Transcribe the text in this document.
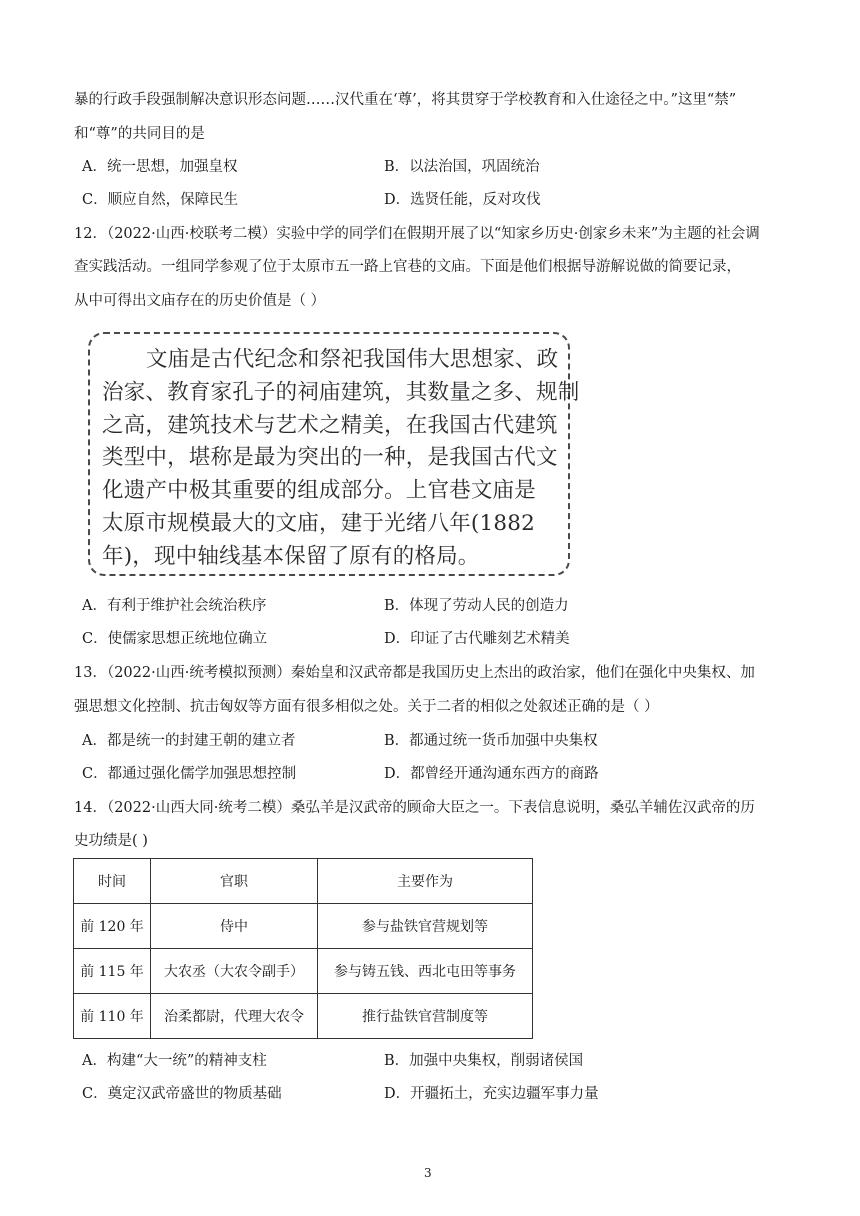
暴的行政手段强制解决意识形态问题……汉代重在‘尊’，将其贯穿于学校教育和入仕途径之中。”这里“禁”
和“尊”的共同目的是
A．统一思想，加强皇权	B．以法治国，巩固统治
C．顺应自然，保障民生	D．选贤任能，反对攻伐
12．（2022·山西·校联考二模）实验中学的同学们在假期开展了以“知家乡历史·创家乡未来”为主题的社会调
查实践活动。一组同学参观了位于太原市五一路上官巷的文庙。下面是他们根据导游解说做的简要记录，
从中可得出文庙存在的历史价值是（ ）
文庙是古代纪念和祭祀我国伟大思想家、政
治家、教育家孔子的祠庙建筑，其数量之多、规制
之高，建筑技术与艺术之精美，在我国古代建筑
类型中，堪称是最为突出的一种，是我国古代文
化遗产中极其重要的组成部分。上官巷文庙是
太原市规模最大的文庙，建于光绪八年(1882
年)，现中轴线基本保留了原有的格局。
A．有利于维护社会统治秩序	B．体现了劳动人民的创造力
C．使儒家思想正统地位确立	D．印证了古代雕刻艺术精美
13．（2022·山西·统考模拟预测）秦始皇和汉武帝都是我国历史上杰出的政治家，他们在强化中央集权、加
强思想文化控制、抗击匈奴等方面有很多相似之处。关于二者的相似之处叙述正确的是（ ）
A．都是统一的封建王朝的建立者	B．都通过统一货币加强中央集权
C．都通过强化儒学加强思想控制	D．都曾经开通沟通东西方的商路
14．（2022·山西大同·统考二模）桑弘羊是汉武帝的顾命大臣之一。下表信息说明，桑弘羊辅佐汉武帝的历
史功绩是( )
时间	官职	主要作为
前 120 年	侍中	参与盐铁官营规划等
前 115 年	大农丞（大农令副手）	参与铸五钱、西北屯田等事务
前 110 年	治柔都尉，代理大农令	推行盐铁官营制度等
A．构建“大一统”的精神支柱	B．加强中央集权，削弱诸侯国
C．奠定汉武帝盛世的物质基础	D．开疆拓土，充实边疆军事力量
3
